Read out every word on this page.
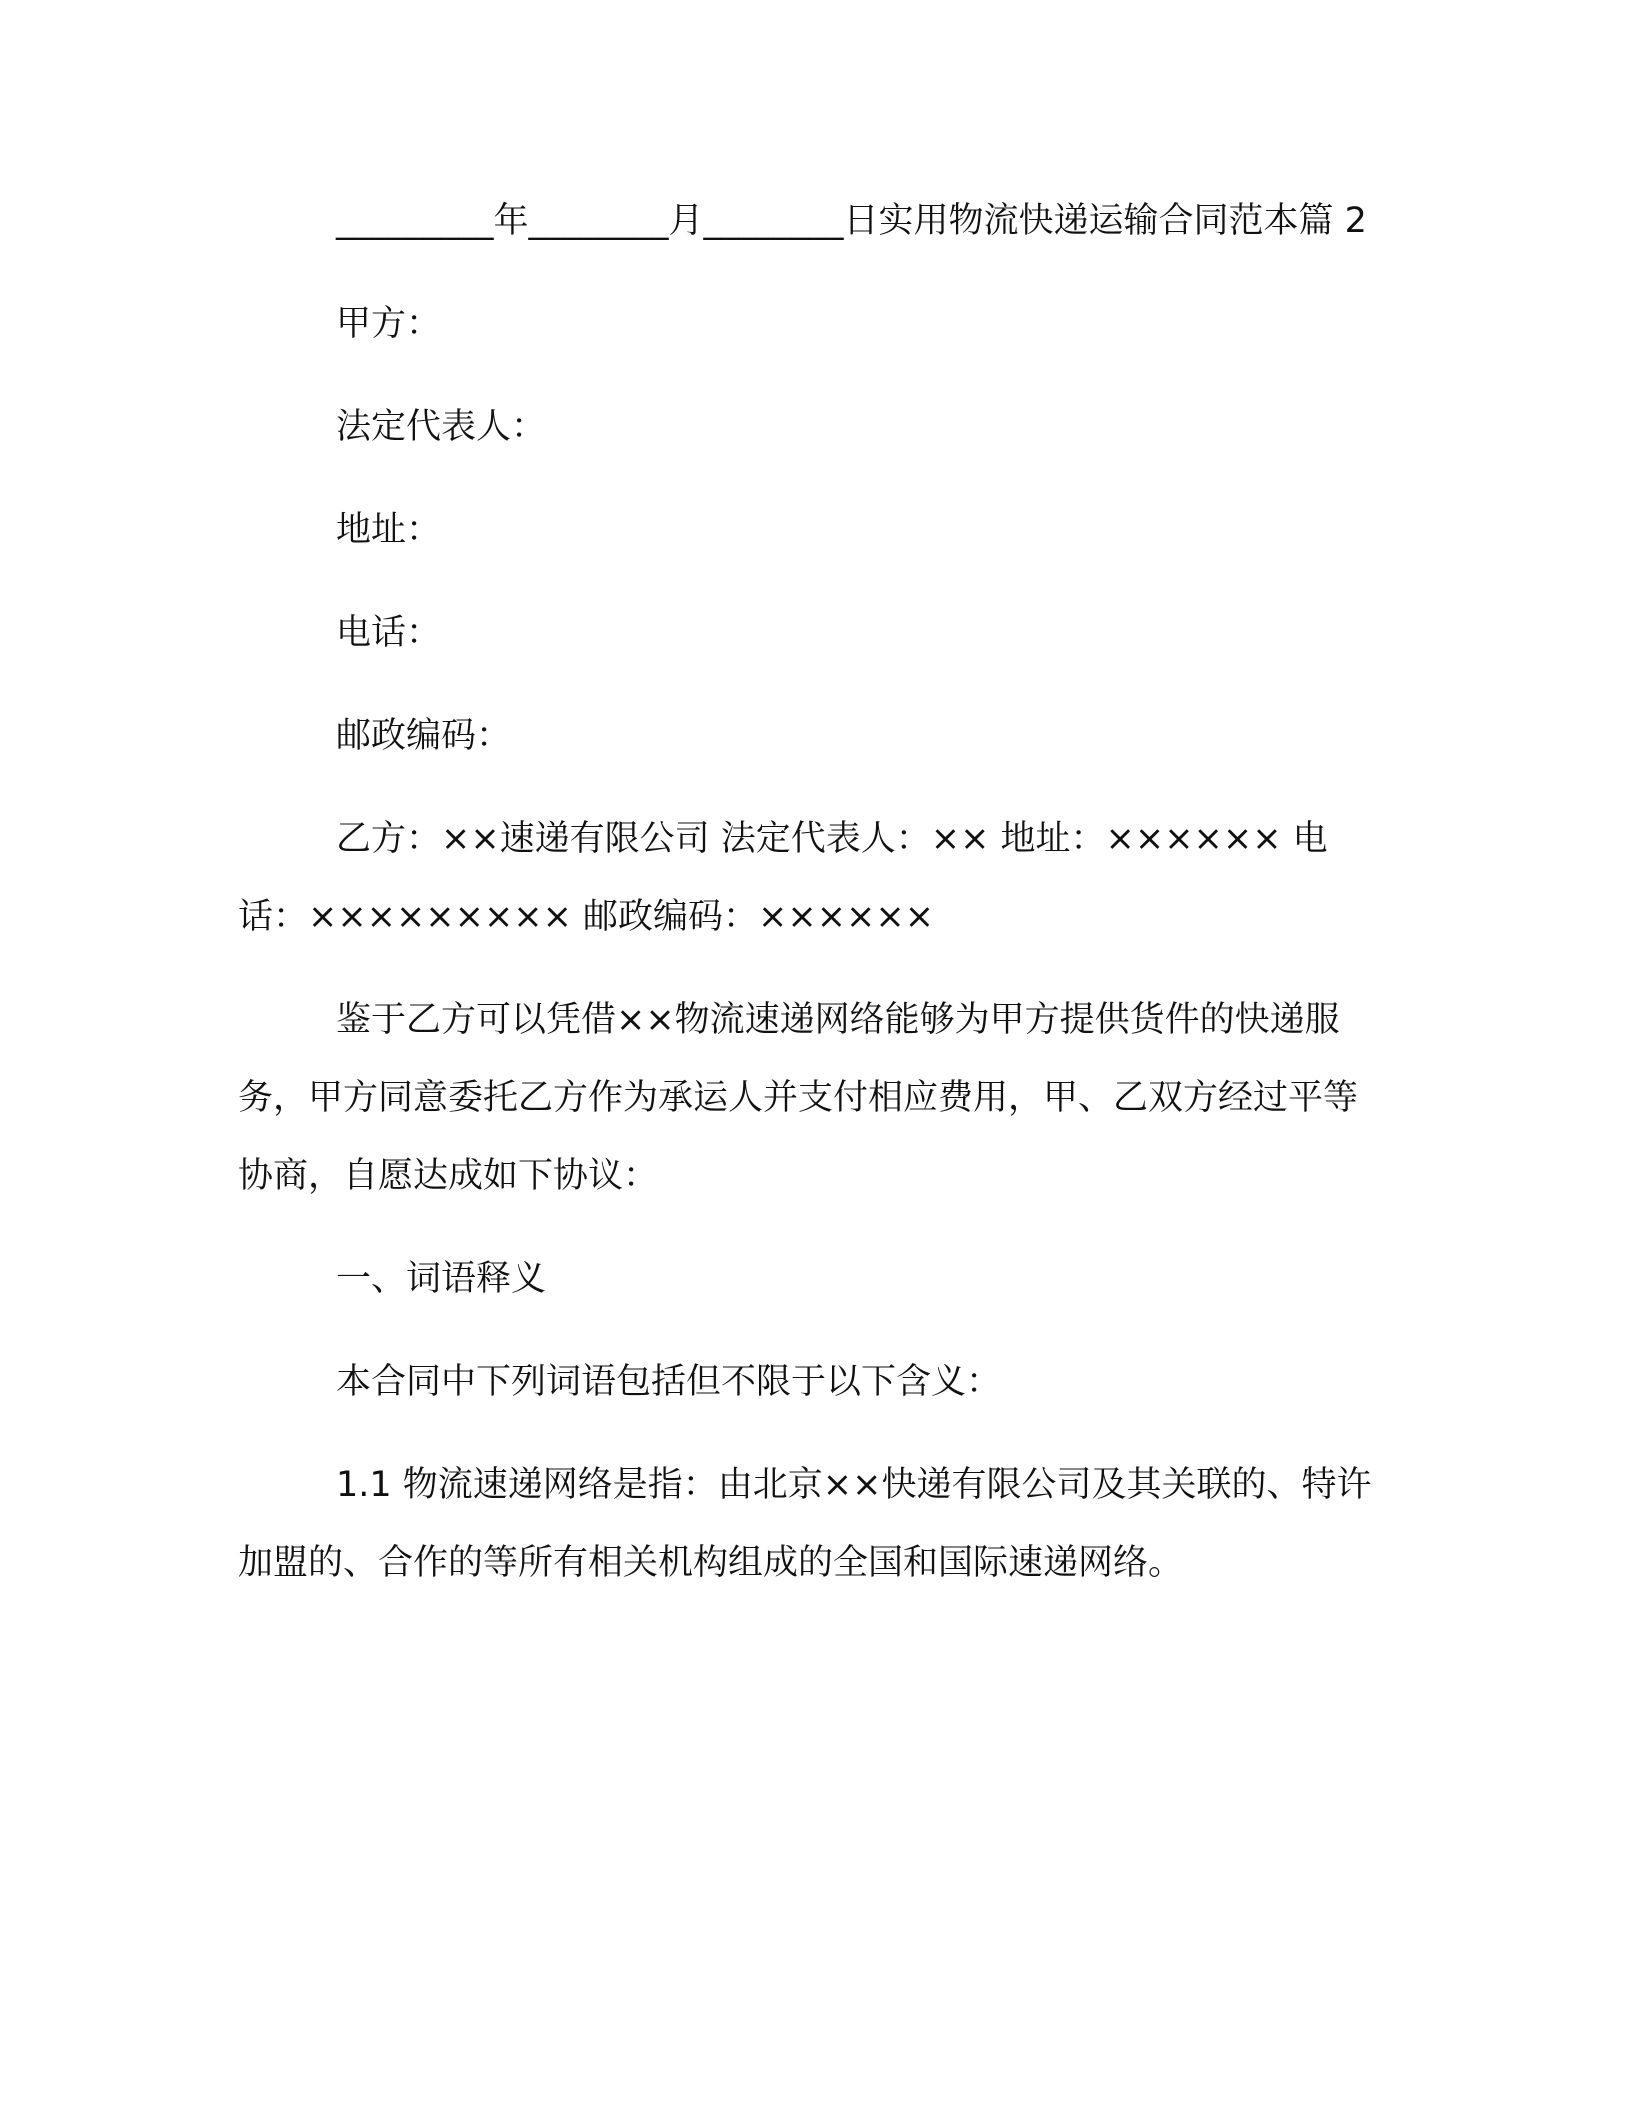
_________年________月________日实用物流快递运输合同范本篇 2

甲方：

法定代表人：

地址：

电话：

邮政编码：

乙方：××速递有限公司 法定代表人：×× 地址：×××××× 电话：××××××××× 邮政编码：××××××

鉴于乙方可以凭借××物流速递网络能够为甲方提供货件的快递服务，甲方同意委托乙方作为承运人并支付相应费用，甲、乙双方经过平等协商，自愿达成如下协议：

一、词语释义

本合同中下列词语包括但不限于以下含义：

1.1 物流速递网络是指：由北京××快递有限公司及其关联的、特许加盟的、合作的等所有相关机构组成的全国和国际速递网络。
